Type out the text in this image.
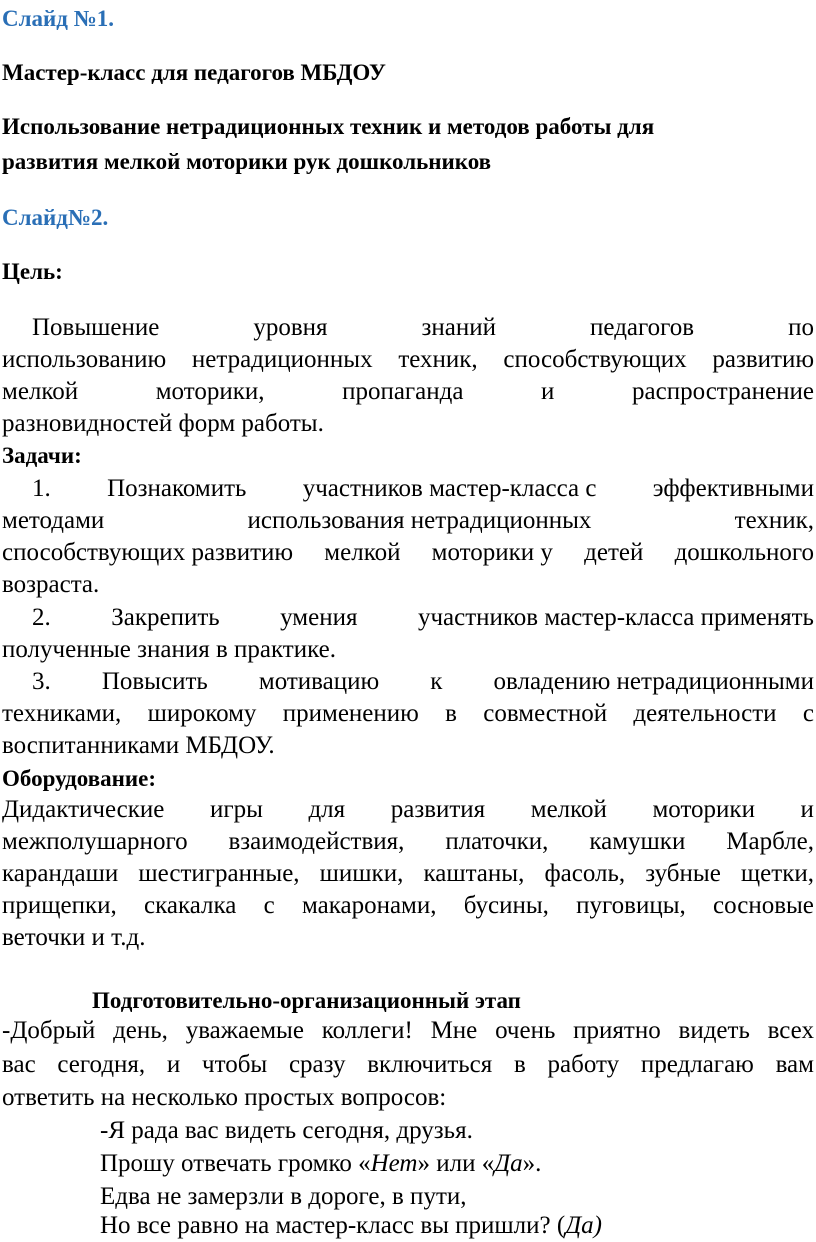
Слайд №1.
Мастер-класс для педагогов МБДОУ
Использование нетрадиционных техник и методов работы для
развития мелкой моторики рук дошкольников
Слайд№2.
Цель:
Повышение	уровня	знаний	педагогов	по
использованию нетрадиционных техник, способствующих развитию
мелкой	моторики,	пропаганда	и	распространение
разновидностей форм работы.
Задачи:
1. Познакомить участников мастер-класса с эффективными
методами	использования нетрадиционных	техник,
способствующих развитию мелкой моторики у детей дошкольного
возраста.
2. Закрепить умения участников мастер-класса применять
полученные знания в практике.
3. Повысить мотивацию к овладению нетрадиционными
техниками, широкому применению в совместной деятельности с
воспитанниками МБДОУ.
Оборудование:
Дидактические игры для развития мелкой моторики и
межполушарного взаимодействия, платочки, камушки Марбле,
карандаши шестигранные, шишки, каштаны, фасоль, зубные щетки,
прищепки, скакалка с макаронами, бусины, пуговицы, сосновые
веточки и т.д.
Подготовительно-организационный этап
-Добрый день, уважаемые коллеги! Мне очень приятно видеть всех
вас сегодня, и чтобы сразу включиться в работу предлагаю вам
ответить на несколько простых вопросов:
-Я рада вас видеть сегодня, друзья.
Прошу отвечать громко «Нет» или «Да».
Едва не замерзли в дороге, в пути,
Но все равно на мастер-класс вы пришли? (Да)
